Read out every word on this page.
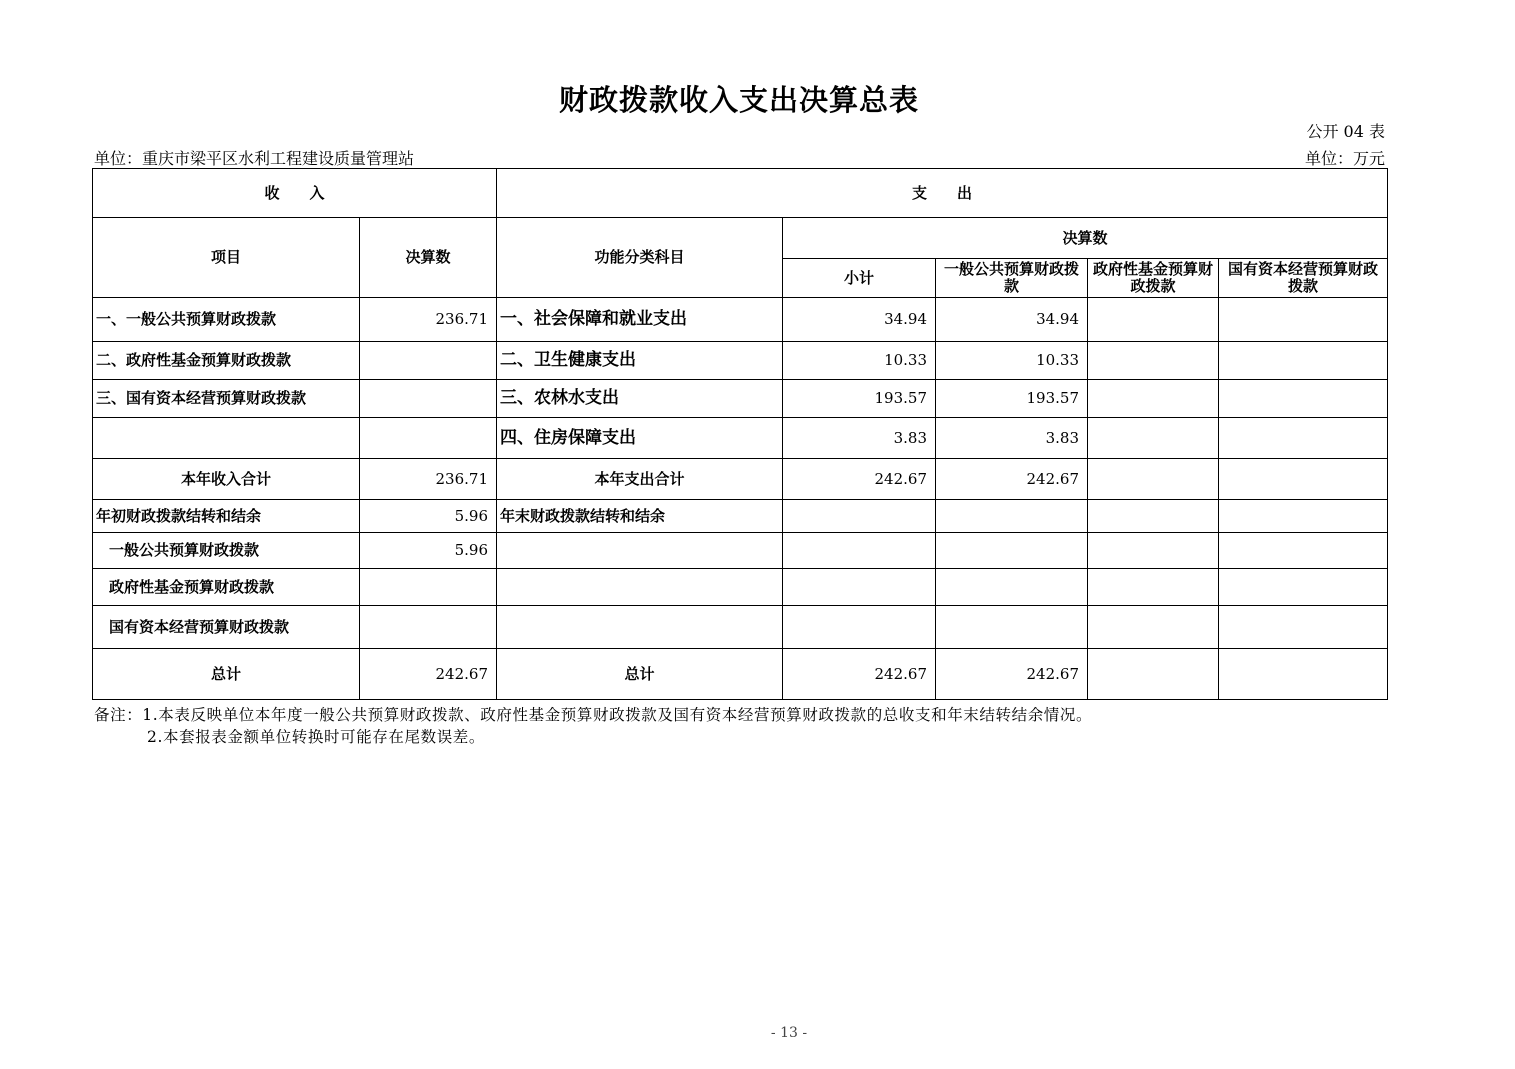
财政拨款收入支出决算总表
公开 04 表
单位：重庆市梁平区水利工程建设质量管理站	单位：万元
收　　入		支　　出				
项目	决算数	功能分类科目	决算数			
			小计	一般公共预算财政拨款	政府性基金预算财政拨款	国有资本经营预算财政拨款
一、一般公共预算财政拨款	236.71	一、社会保障和就业支出	34.94	34.94		
二、政府性基金预算财政拨款		二、卫生健康支出	10.33	10.33		
三、国有资本经营预算财政拨款		三、农林水支出	193.57	193.57		
		四、住房保障支出	3.83	3.83		
本年收入合计	236.71	本年支出合计	242.67	242.67		
年初财政拨款结转和结余	5.96	年末财政拨款结转和结余				
一般公共预算财政拨款	5.96					
政府性基金预算财政拨款						
国有资本经营预算财政拨款						
总计	242.67	总计	242.67	242.67		
备注：1.本表反映单位本年度一般公共预算财政拨款、政府性基金预算财政拨款及国有资本经营预算财政拨款的总收支和年末结转结余情况。
2.本套报表金额单位转换时可能存在尾数误差。
- 13 -
